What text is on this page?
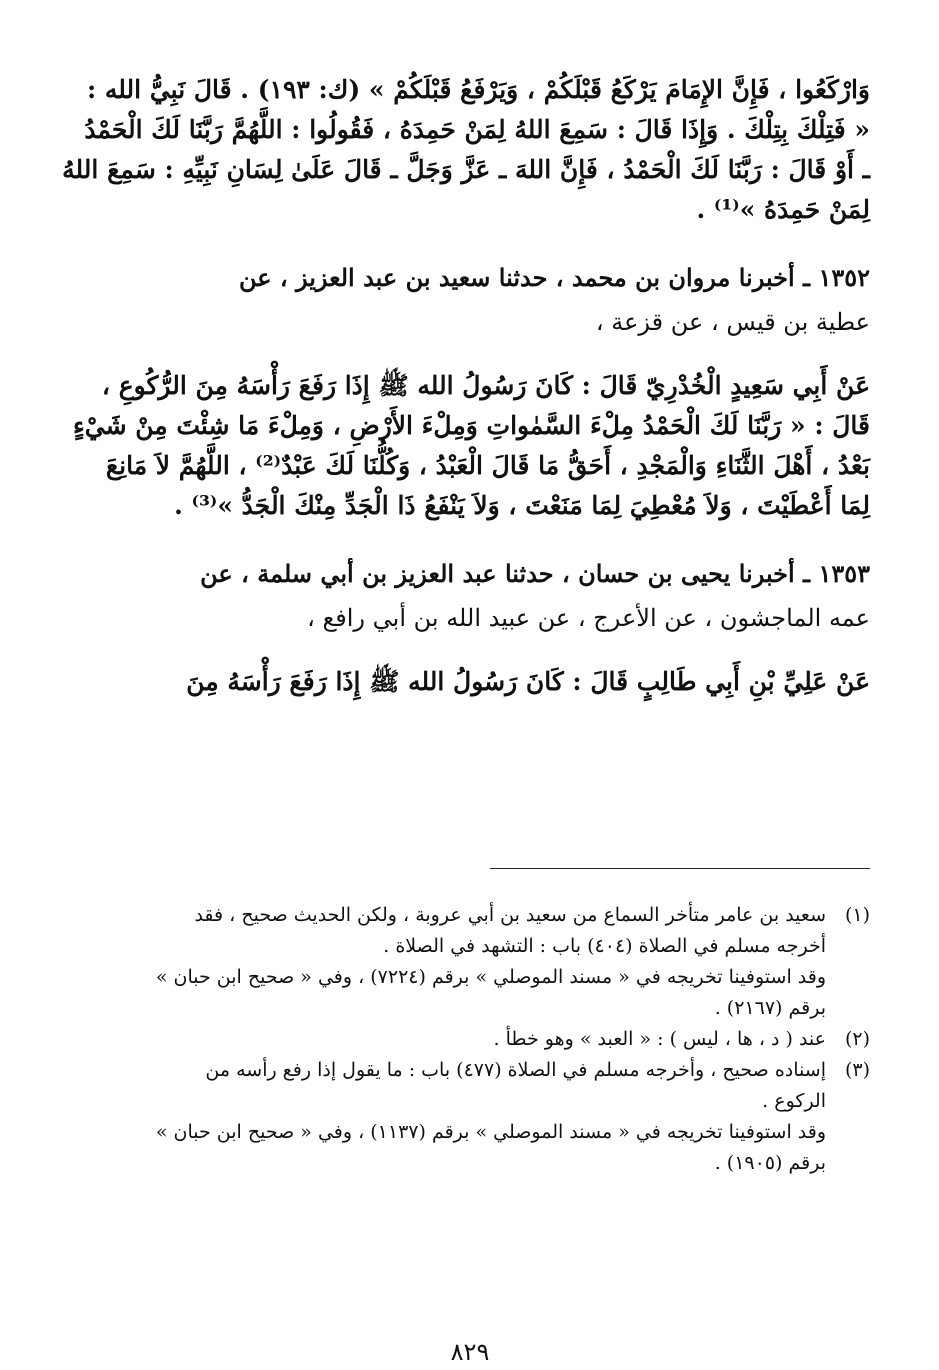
وَارْكَعُوا ، فَإِنَّ الإِمَامَ يَرْكَعُ قَبْلَكُمْ ، وَيَرْفَعُ قَبْلَكُمْ » (ك: ١٩٣) . قَالَ نَبِيُّ الله :
« فَتِلْكَ بِتِلْكَ . وَإِذَا قَالَ : سَمِعَ اللهُ لِمَنْ حَمِدَهُ ، فَقُولُوا : اللَّهُمَّ رَبَّنَا لَكَ الْحَمْدُ
ـ أَوْ قَالَ : رَبَّنَا لَكَ الْحَمْدُ ، فَإِنَّ اللهَ ـ عَزَّ وَجَلَّ ـ قَالَ عَلَىٰ لِسَانِ نَبِيِّهِ : سَمِعَ اللهُ
لِمَنْ حَمِدَهُ »⁽¹⁾ .
١٣٥٢ ـ أخبرنا مروان بن محمد ، حدثنا سعيد بن عبد العزيز ، عن
عطية بن قيس ، عن قزعة ،
عَنْ أَبِي سَعِيدٍ الْخُدْرِيّ قَالَ : كَانَ رَسُولُ الله ﷺ إِذَا رَفَعَ رَأْسَهُ مِنَ الرُّكُوعِ ،
قَالَ : « رَبَّنَا لَكَ الْحَمْدُ مِلْءَ السَّمٰواتِ وَمِلْءَ الأَرْضِ ، وَمِلْءَ مَا شِئْتَ مِنْ شَيْءٍ
بَعْدُ ، أَهْلَ الثَّنَاءِ وَالْمَجْدِ ، أَحَقُّ مَا قَالَ الْعَبْدُ ، وَكُلُّنَا لَكَ عَبْدٌ⁽²⁾ ، اللَّهُمَّ لاَ مَانِعَ
لِمَا أَعْطَيْتَ ، وَلاَ مُعْطِيَ لِمَا مَنَعْتَ ، وَلاَ يَنْفَعُ ذَا الْجَدِّ مِنْكَ الْجَدُّ »⁽³⁾ .
١٣٥٣ ـ أخبرنا يحيى بن حسان ، حدثنا عبد العزيز بن أبي سلمة ، عن
عمه الماجشون ، عن الأعرج ، عن عبيد الله بن أبي رافع ،
عَنْ عَلِيِّ بْنِ أَبِي طَالِبٍ قَالَ : كَانَ رَسُولُ الله ﷺ إِذَا رَفَعَ رَأْسَهُ مِنَ
(١)
سعيد بن عامر متأخر السماع من سعيد بن أبي عروبة ، ولكن الحديث صحيح ، فقد
أخرجه مسلم في الصلاة (٤٠٤) باب : التشهد في الصلاة .
وقد استوفينا تخريجه في « مسند الموصلي » برقم (٧٢٢٤) ، وفي « صحيح ابن حبان »
برقم (٢١٦٧) .
(٢)
عند ( د ، ها ، ليس ) : « العبد » وهو خطأ .
(٣)
إسناده صحيح ، وأخرجه مسلم في الصلاة (٤٧٧) باب : ما يقول إذا رفع رأسه من
الركوع .
وقد استوفينا تخريجه في « مسند الموصلي » برقم (١١٣٧) ، وفي « صحيح ابن حبان »
برقم (١٩٠٥) .
٨٢٩
